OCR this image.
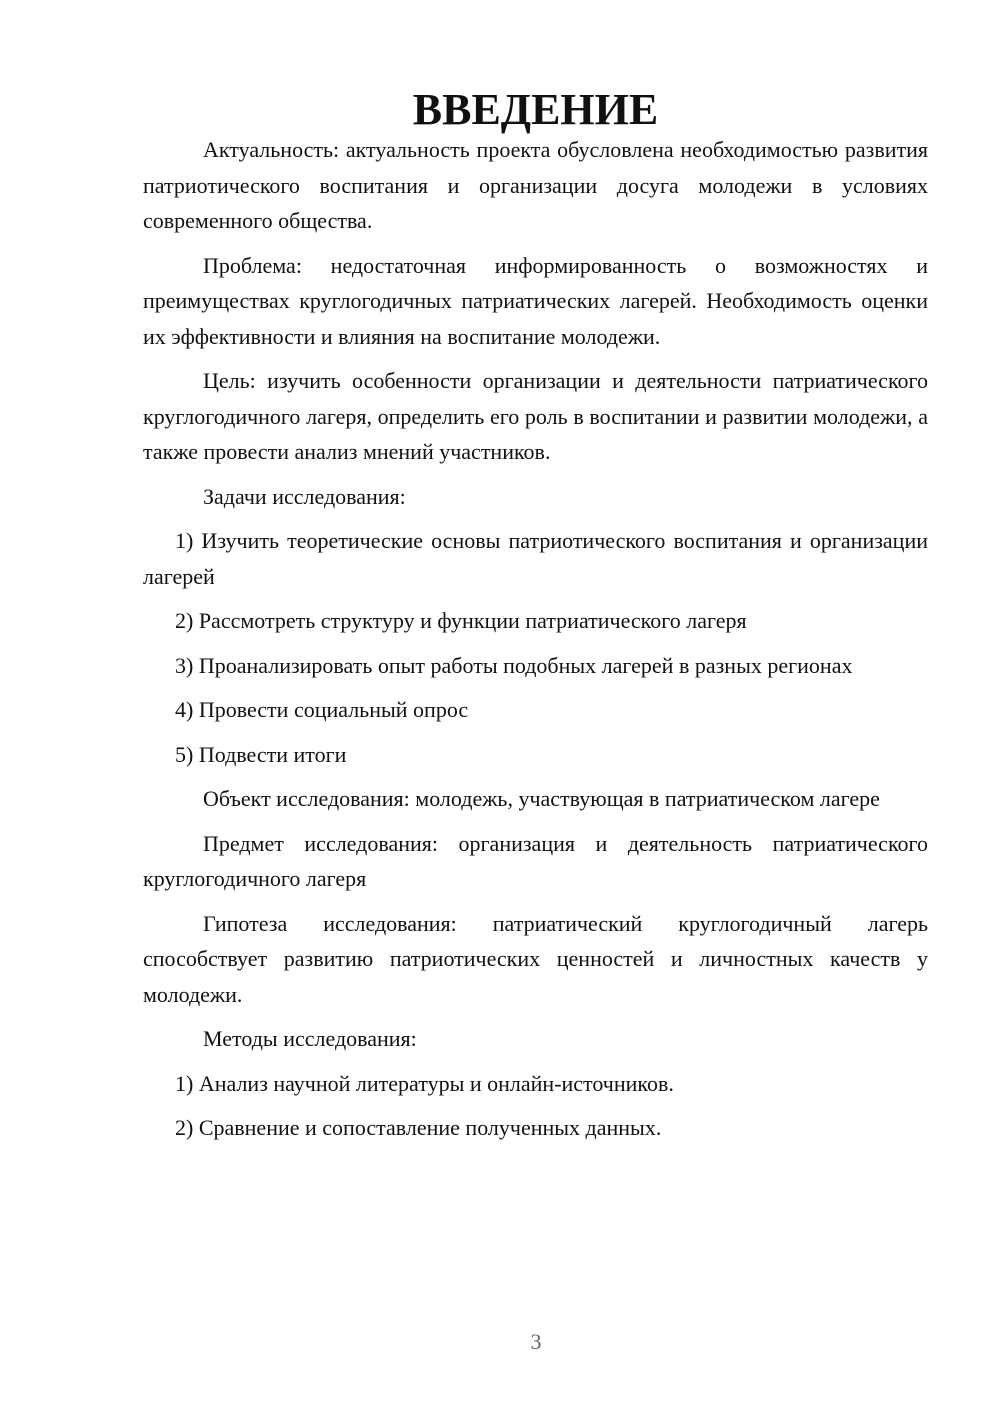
ВВЕДЕНИЕ

Актуальность: актуальность проекта обусловлена необходимостью развития патриотического воспитания и организации досуга молодежи в условиях современного общества.

Проблема: недостаточная информированность о возможностях и преимуществах круглогодичных патриатических лагерей. Необходимость оценки их эффективности и влияния на воспитание молодежи.

Цель: изучить особенности организации и деятельности патриатического круглогодичного лагеря, определить его роль в воспитании и развитии молодежи, а также провести анализ мнений участников.

Задачи исследования:

1) Изучить теоретические основы патриотического воспитания и организации лагерей

2) Рассмотреть структуру и функции патриатического лагеря

3) Проанализировать опыт работы подобных лагерей в разных регионах

4) Провести социальный опрос

5) Подвести итоги

Объект исследования: молодежь, участвующая в патриатическом лагере

Предмет исследования: организация и деятельность патриатического круглогодичного лагеря

Гипотеза исследования: патриатический круглогодичный лагерь способствует развитию патриотических ценностей и личностных качеств у молодежи.

Методы исследования:

1) Анализ научной литературы и онлайн-источников.

2) Сравнение и сопоставление полученных данных.

3
